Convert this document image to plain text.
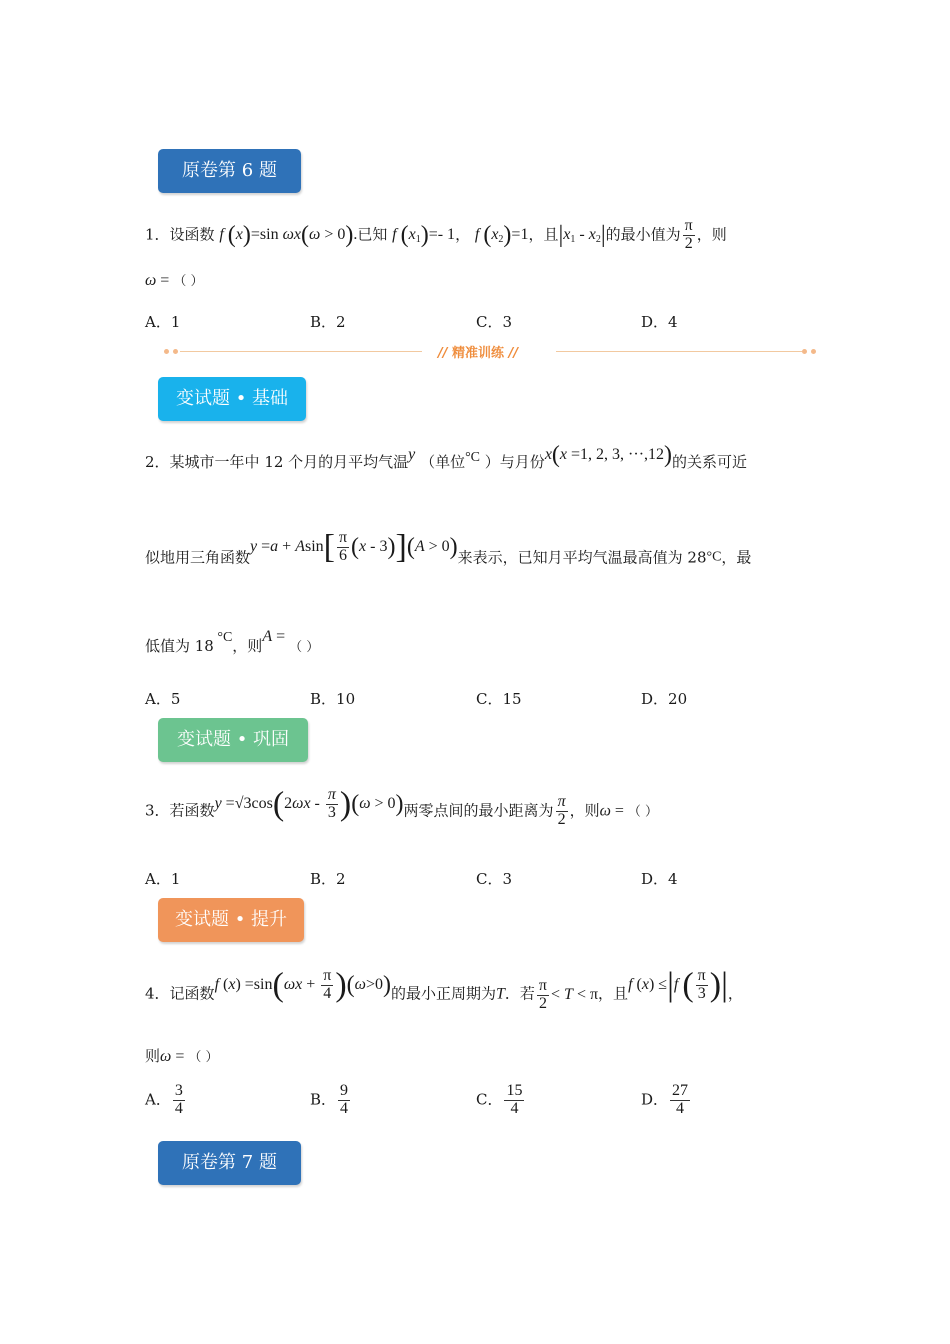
原卷第 6 题
1．设函数 f (x)=sin ωx(ω > 0).已知 f $(x_1)=-$ 1， f $(x_2)=1$，且$|x_1 - x_2|$的最小值为 $\frac{\pi}{2}$ ，则
ω = （ ）
A．1	B．2	C．3	D．4
// 精准训练 //
变试题 • 基础
2．某城市一年中 12 个月的月平均气温y （单位°C ）与月份x(x =1, 2, 3, ···,12)的关系可近
似地用三角函数$y =a + Asin[ \frac{\pi}{6} (x - 3)](A > 0)$来表示，已知月平均气温最高值为 28°C，最
低值为 18 °C，则A = （ ）
A．5	B．10	C．15	D．20
变试题 • 巩固
3．若函数$y =√3\cos(2\omega x - \frac{\pi}{3} )(\omega > 0)$两零点间的最小距离为 $\frac{\pi}{2}$ ，则ω = （ ）
A．1	B．2	C．3	D．4
变试题 • 提升
4．记函数f $(x) =\sin(\omega x + \frac{\pi}{4} )(\omega>0)$的最小正周期为T．若 $\frac{\pi}{2} < T < \pi$，且f (x) ≤|f ( $\frac{\pi}{3}$ )|，
则ω = （ ）
A． $\frac{3}{4}$	B． $\frac{9}{4}$	C． $\frac{15}{4}$	D． $\frac{27}{4}$
原卷第 7 题
